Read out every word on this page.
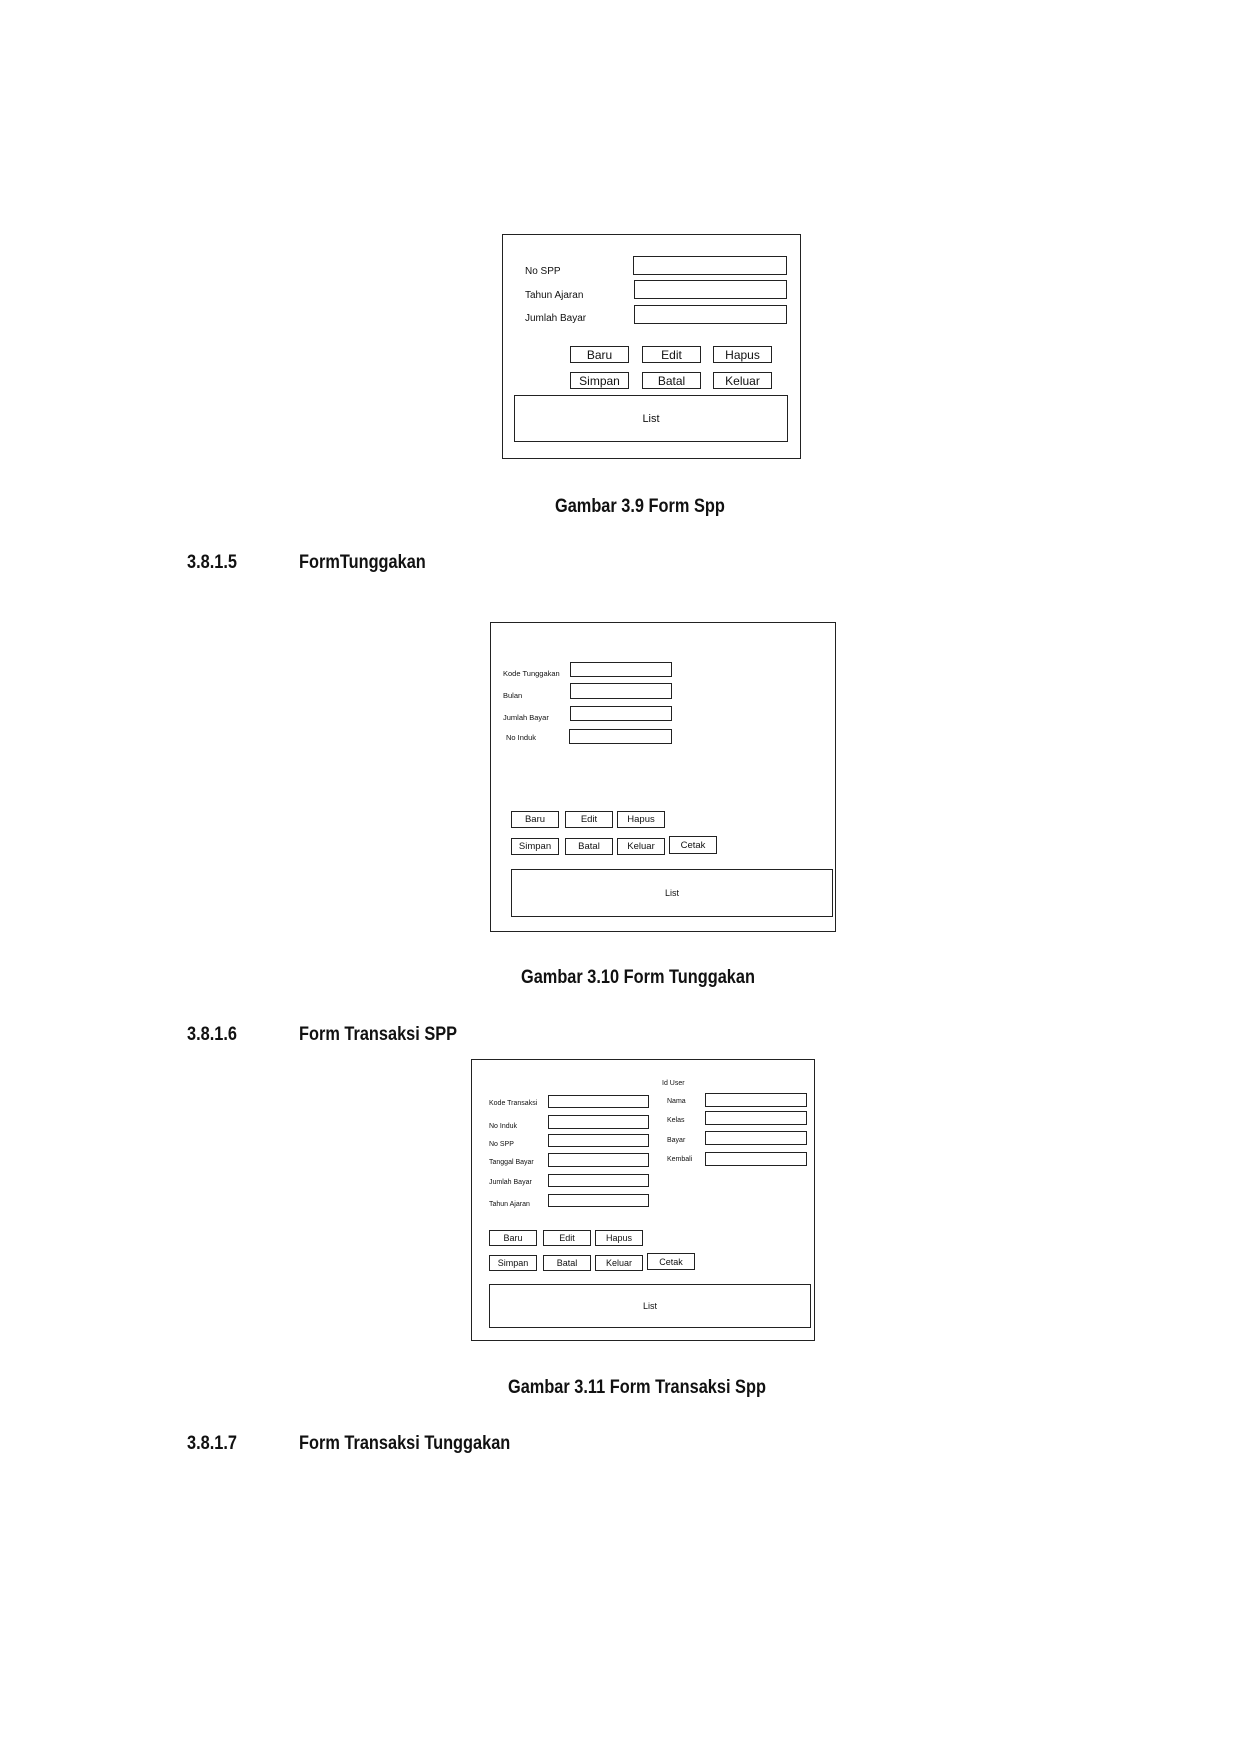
No SPP
Tahun Ajaran
Jumlah Bayar
Baru	Edit	Hapus
Simpan	Batal	Keluar
List
Gambar 3.9 Form Spp
3.8.1.5	FormTunggakan
Kode Tunggakan
Bulan
Jumlah Bayar
No Induk
Baru	Edit	Hapus
Simpan	Batal	Keluar	Cetak
List
Gambar 3.10 Form Tunggakan
3.8.1.6	Form Transaksi SPP
Kode Transaksi
No Induk
No SPP
Tanggal Bayar
Jumlah Bayar
Tahun Ajaran
Id User
Nama
Kelas
Bayar
Kembali
Baru	Edit	Hapus
Simpan	Batal	Keluar	Cetak
List
Gambar 3.11 Form Transaksi Spp
3.8.1.7	Form Transaksi Tunggakan
